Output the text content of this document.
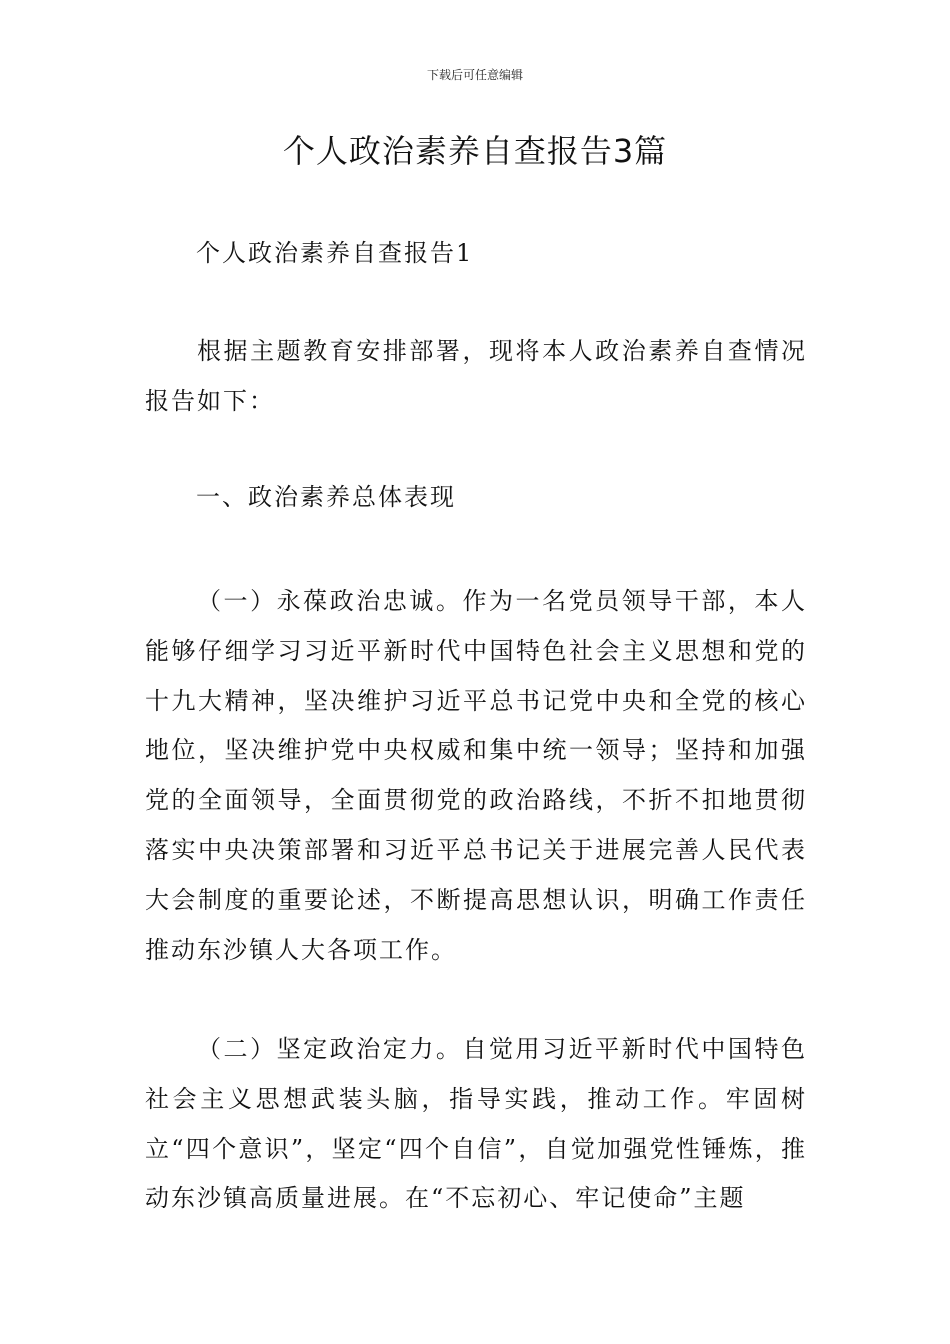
下载后可任意编辑
个人政治素养自查报告3篇
个人政治素养自查报告1

根据主题教育安排部署，现将本人政治素养自查情况报告如下：

一、政治素养总体表现

（一）永葆政治忠诚。作为一名党员领导干部，本人能够仔细学习习近平新时代中国特色社会主义思想和党的十九大精神，坚决维护习近平总书记党中央和全党的核心地位，坚决维护党中央权威和集中统一领导；坚持和加强党的全面领导，全面贯彻党的政治路线，不折不扣地贯彻落实中央决策部署和习近平总书记关于进展完善人民代表大会制度的重要论述，不断提高思想认识，明确工作责任推动东沙镇人大各项工作。

（二）坚定政治定力。自觉用习近平新时代中国特色社会主义思想武装头脑，指导实践，推动工作。牢固树立“四个意识”，坚定“四个自信”，自觉加强党性锤炼，推动东沙镇高质量进展。在“不忘初心、牢记使命”主题
